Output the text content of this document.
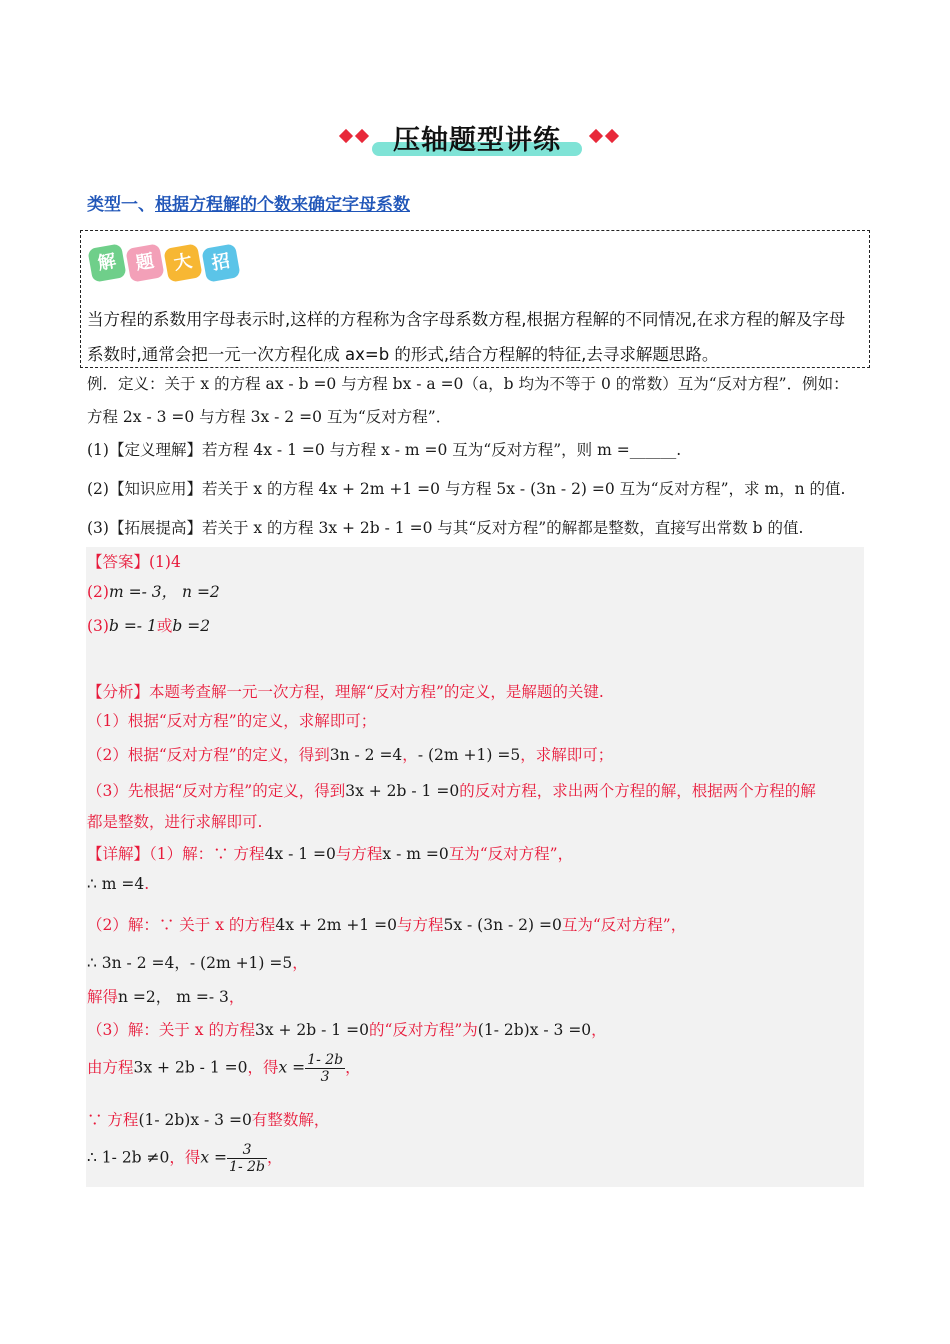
压轴题型讲练
类型一、根据方程解的个数来确定字母系数
解 题 大 招
当方程的系数用字母表示时,这样的方程称为含字母系数方程,根据方程解的不同情况,在求方程的解及字母
系数时,通常会把一元一次方程化成 ax=b 的形式,结合方程解的特征,去寻求解题思路。
例．定义：关于 x 的方程 ax - b =0 与方程 bx - a =0（a，b 均为不等于 0 的常数）互为“反对方程”．例如：
方程 2x - 3 =0 与方程 3x - 2 =0 互为“反对方程”．
(1)【定义理解】若方程 4x - 1 =0 与方程 x - m =0 互为“反对方程”，则 m =______.
(2)【知识应用】若关于 x 的方程 4x + 2m +1 =0 与方程 5x - (3n - 2) =0 互为“反对方程”，求 m，n 的值.
(3)【拓展提高】若关于 x 的方程 3x + 2b - 1 =0 与其“反对方程”的解都是整数，直接写出常数 b 的值.
【答案】(1)4
(2)m =- 3， n =2
(3)b =- 1或b =2
【分析】本题考查解一元一次方程，理解“反对方程”的定义，是解题的关键.
（1）根据“反对方程”的定义，求解即可；
（2）根据“反对方程”的定义，得到3n - 2 =4，- (2m +1) =5，求解即可；
（3）先根据“反对方程”的定义，得到3x + 2b - 1 =0的反对方程，求出两个方程的解，根据两个方程的解
都是整数，进行求解即可.
【详解】（1）解：∵ 方程4x - 1 =0与方程x - m =0互为“反对方程”，
∴ m =4.
（2）解：∵ 关于 x 的方程4x + 2m +1 =0与方程5x - (3n - 2) =0互为“反对方程”，
∴ 3n - 2 =4，- (2m +1) =5，
解得n =2， m =- 3，
（3）解：关于 x 的方程3x + 2b - 1 =0的“反对方程”为(1- 2b)x - 3 =0，
由方程3x + 2b - 1 =0，得$x = \frac{1- 2b}{3}$ ，
∵ 方程(1- 2b)x - 3 =0有整数解，
∴ 1- 2b ≠0，得$x = \frac{3}{1- 2b}$ ，
